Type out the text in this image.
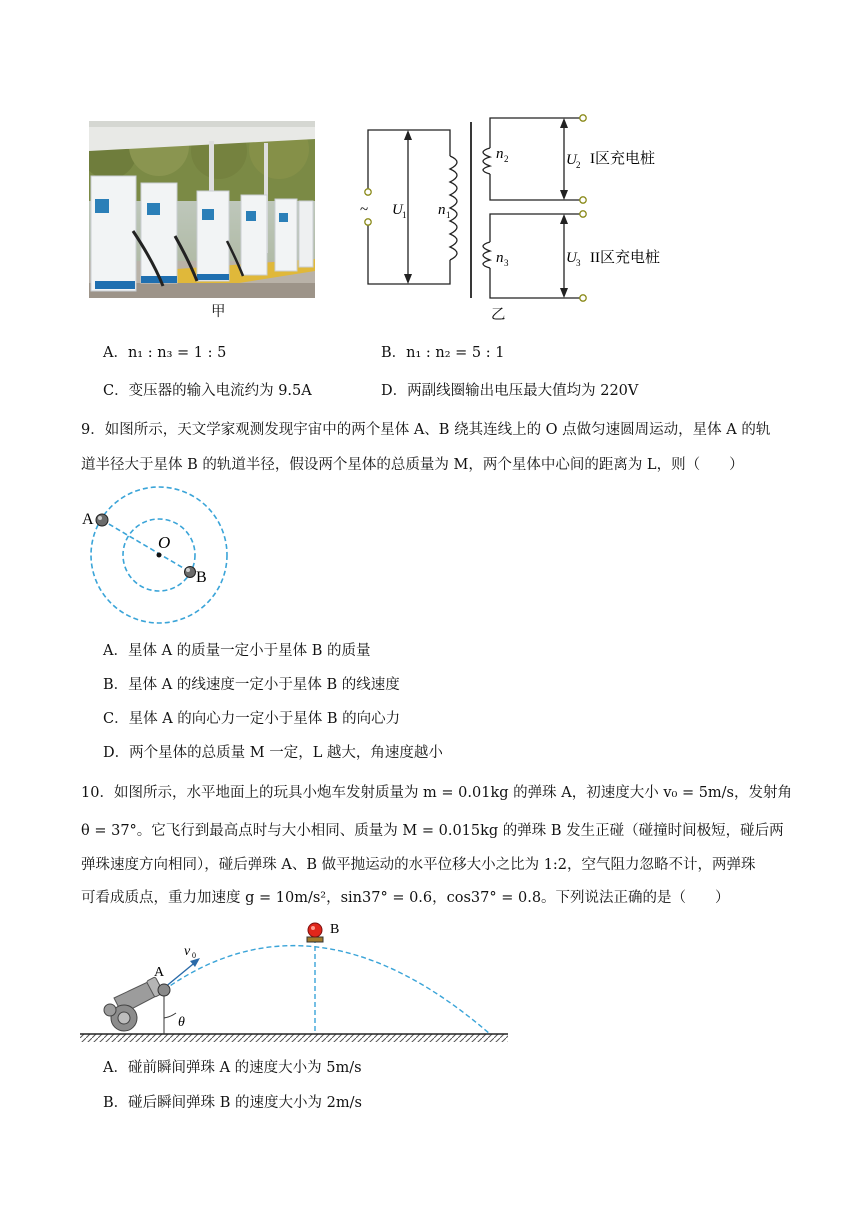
甲
~ U 1 n 1
n 2
n 3
U 2
U 3
I区充电桩
II区充电桩
乙
A．n₁ : n₃ = 1 : 5	B．n₁ : n₂ = 5 : 1
C．变压器的输入电流约为 9.5A	D．两副线圈输出电压最大值均为 220V
9．如图所示，天文学家观测发现宇宙中的两个星体 A、B 绕其连线上的 O 点做匀速圆周运动，星体 A 的轨
道半径大于星体 B 的轨道半径，假设两个星体的总质量为 M，两个星体中心间的距离为 L，则（　　）
A
B
O
A．星体 A 的质量一定小于星体 B 的质量
B．星体 A 的线速度一定小于星体 B 的线速度
C．星体 A 的向心力一定小于星体 B 的向心力
D．两个星体的总质量 M 一定，L 越大，角速度越小
10．如图所示，水平地面上的玩具小炮车发射质量为 m = 0.01kg 的弹珠 A，初速度大小 v₀ = 5m/s，发射角
θ = 37°。它飞行到最高点时与大小相同、质量为 M = 0.015kg 的弹珠 B 发生正碰（碰撞时间极短，碰后两
弹珠速度方向相同），碰后弹珠 A、B 做平抛运动的水平位移大小之比为 1:2，空气阻力忽略不计，两弹珠
可看成质点，重力加速度 g = 10m/s²，sin37° = 0.6，cos37° = 0.8。下列说法正确的是（　　）
A
B
v 0
θ
A．碰前瞬间弹珠 A 的速度大小为 5m/s
B．碰后瞬间弹珠 B 的速度大小为 2m/s
